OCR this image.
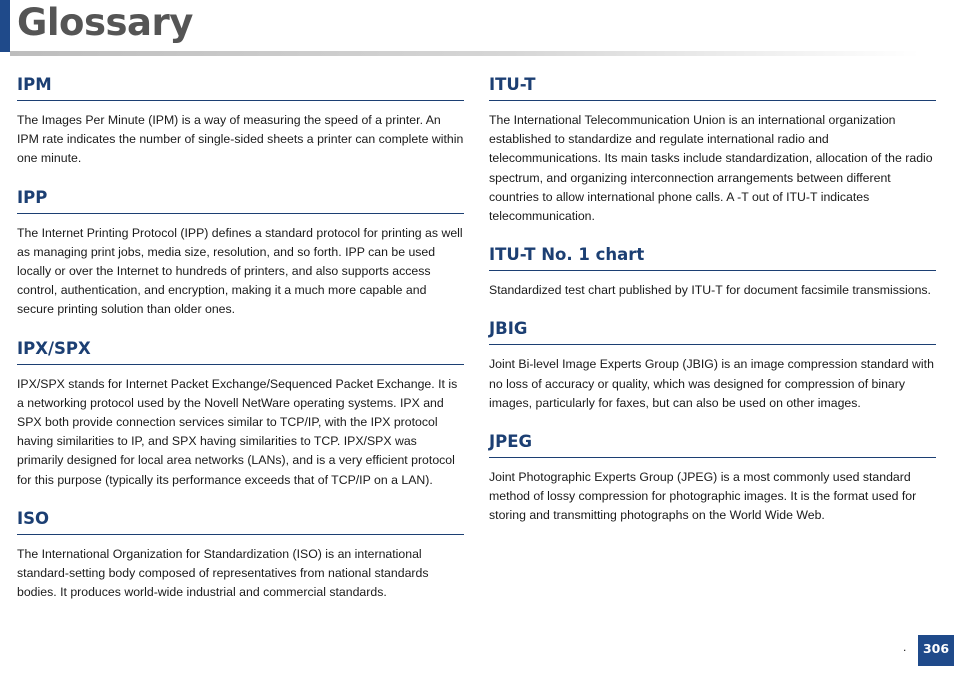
Glossary
IPM

The Images Per Minute (IPM) is a way of measuring the speed of a printer. An IPM rate indicates the number of single-sided sheets a printer can complete within one minute.

IPP

The Internet Printing Protocol (IPP) defines a standard protocol for printing as well as managing print jobs, media size, resolution, and so forth. IPP can be used locally or over the Internet to hundreds of printers, and also supports access control, authentication, and encryption, making it a much more capable and secure printing solution than older ones.

IPX/SPX

IPX/SPX stands for Internet Packet Exchange/Sequenced Packet Exchange. It is a networking protocol used by the Novell NetWare operating systems. IPX and SPX both provide connection services similar to TCP/IP, with the IPX protocol having similarities to IP, and SPX having similarities to TCP. IPX/SPX was primarily designed for local area networks (LANs), and is a very efficient protocol for this purpose (typically its performance exceeds that of TCP/IP on a LAN).

ISO

The International Organization for Standardization (ISO) is an international standard-setting body composed of representatives from national standards bodies. It produces world-wide industrial and commercial standards.

ITU-T

The International Telecommunication Union is an international organization established to standardize and regulate international radio and telecommunications. Its main tasks include standardization, allocation of the radio spectrum, and organizing interconnection arrangements between different countries to allow international phone calls. A -T out of ITU-T indicates telecommunication.

ITU-T No. 1 chart

Standardized test chart published by ITU-T for document facsimile transmissions.

JBIG

Joint Bi-level Image Experts Group (JBIG) is an image compression standard with no loss of accuracy or quality, which was designed for compression of binary images, particularly for faxes, but can also be used on other images.

JPEG

Joint Photographic Experts Group (JPEG) is a most commonly used standard method of lossy compression for photographic images. It is the format used for storing and transmitting photographs on the World Wide Web.

.	306
